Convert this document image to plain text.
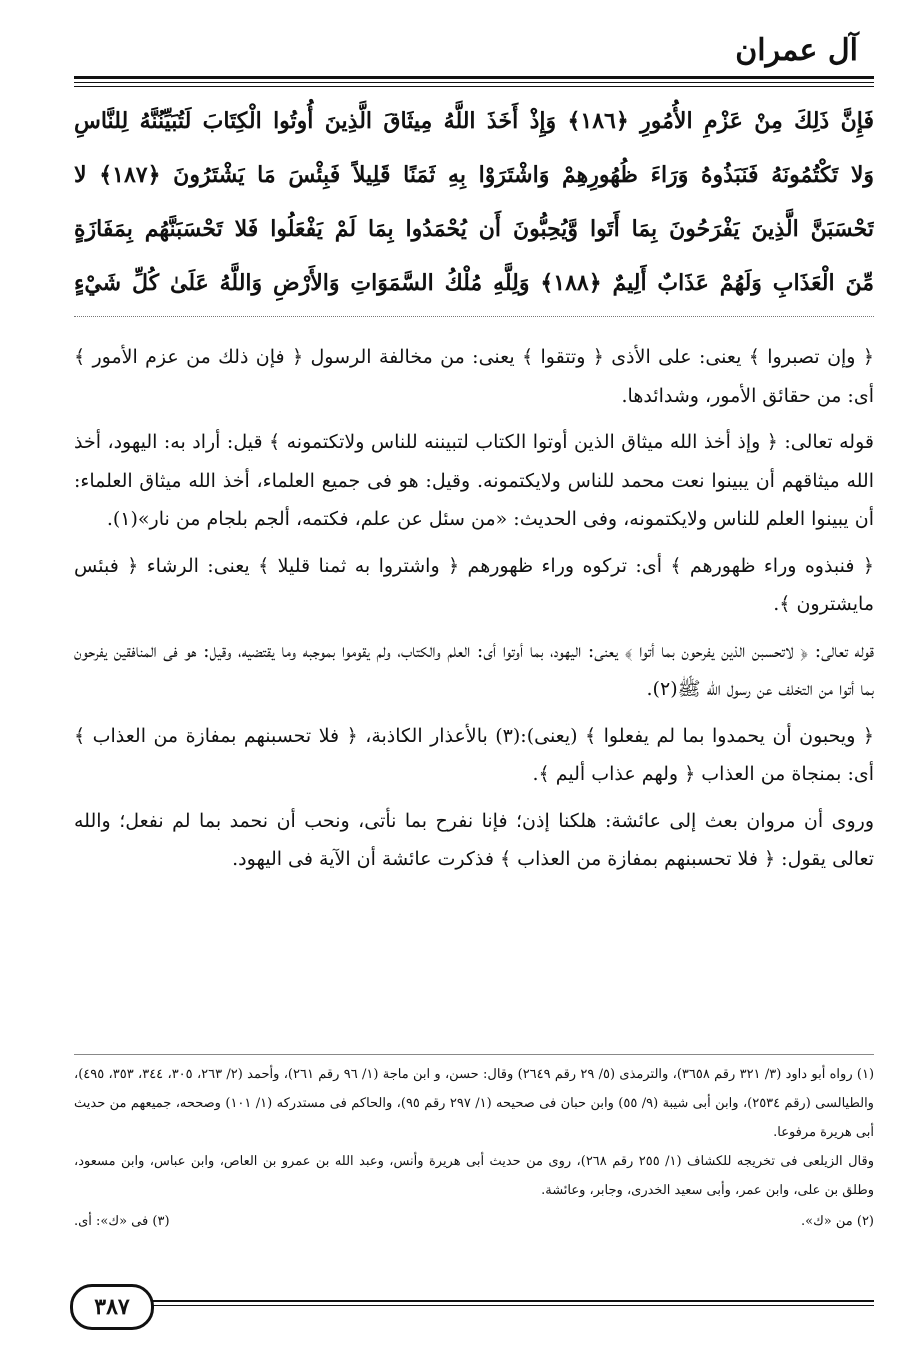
آل عمران
فَإِنَّ ذَلِكَ مِنْ عَزْمِ الأُمُورِ ﴿١٨٦﴾ وَإِذْ أَخَذَ اللَّهُ مِيثَاقَ الَّذِينَ أُوتُوا الْكِتَابَ لَتُبَيِّنُنَّهُ لِلنَّاسِ
وَلا تَكْتُمُونَهُ فَنَبَذُوهُ وَرَاءَ ظُهُورِهِمْ وَاشْتَرَوْا بِهِ ثَمَنًا قَلِيلاً فَبِئْسَ مَا يَشْتَرُونَ ﴿١٨٧﴾ لا
تَحْسَبَنَّ الَّذِينَ يَفْرَحُونَ بِمَا أَتَوا وَّيُحِبُّونَ أَن يُحْمَدُوا بِمَا لَمْ يَفْعَلُوا فَلا تَحْسَبَنَّهُم بِمَفَازَةٍ
مِّنَ الْعَذَابِ وَلَهُمْ عَذَابٌ أَلِيمٌ ﴿١٨٨﴾ وَلِلَّهِ مُلْكُ السَّمَوَاتِ وَالأَرْضِ وَاللَّهُ عَلَىٰ كُلِّ شَيْءٍ

﴿ وإن تصبروا ﴾ يعنى: على الأذى ﴿ وتتقوا ﴾ يعنى: من مخالفة الرسول ﴿ فإن ذلك من عزم الأمور ﴾ أى: من حقائق الأمور، وشدائدها.

قوله تعالى: ﴿ وإذ أخذ الله ميثاق الذين أوتوا الكتاب لتبيننه للناس ولاتكتمونه ﴾ قيل: أراد به: اليهود، أخذ الله ميثاقهم أن يبينوا نعت محمد للناس ولايكتمونه. وقيل: هو فى جميع العلماء، أخذ الله ميثاق العلماء: أن يبينوا العلم للناس ولايكتمونه، وفى الحديث: «من سئل عن علم، فكتمه، ألجم بلجام من نار»(١).

﴿ فنبذوه وراء ظهورهم ﴾ أى: تركوه وراء ظهورهم ﴿ واشتروا به ثمنا قليلا ﴾ يعنى: الرشاء ﴿ فبئس مايشترون ﴾.

قوله تعالى: ﴿ لاتحسبن الذين يفرحون بما أتوا ﴾ يعنى: اليهود، بما أوتوا أى: العلم والكتاب، ولم يقوموا بموجبه وما يقتضيه، وقيل: هو فى المنافقين يفرحون بما أتوا من التخلف عن رسول الله ﷺ(٢).

﴿ ويحبون أن يحمدوا بما لم يفعلوا ﴾ (يعنى):(٣) بالأعذار الكاذبة، ﴿ فلا تحسبنهم بمفازة من العذاب ﴾ أى: بمنجاة من العذاب ﴿ ولهم عذاب أليم ﴾.

وروى أن مروان بعث إلى عائشة: هلكنا إذن؛ فإنا نفرح بما نأتى، ونحب أن نحمد بما لم نفعل؛ والله تعالى يقول: ﴿ فلا تحسبنهم بمفازة من العذاب ﴾ فذكرت عائشة أن الآية فى اليهود.

(١) رواه أبو داود (٣/ ٣٢١ رقم ٣٦٥٨)، والترمذى (٥/ ٢٩ رقم ٢٦٤٩) وقال: حسن، و ابن ماجة (١/ ٩٦ رقم ٢٦١)، وأحمد (٢/ ٢٦٣، ٣٠٥، ٣٤٤، ٣٥٣، ٤٩٥)، والطيالسى (رقم ٢٥٣٤)، وابن أبى شيبة (٩/ ٥٥) وابن حبان فى صحيحه (١/ ٢٩٧ رقم ٩٥)، والحاكم فى مستدركه (١/ ١٠١) وصححه، جميعهم من حديث أبى هريرة مرفوعا.

وقال الزيلعى فى تخريجه للكشاف (١/ ٢٥٥ رقم ٢٦٨)، روى من حديث أبى هريرة وأنس، وعبد الله بن عمرو بن العاص، وابن عباس، وابن مسعود، وطلق بن على، وابن عمر، وأبى سعيد الخدرى، وجابر، وعائشة.

(٢) من «ك».
(٣) فى «ك»: أى.
٣٨٧
